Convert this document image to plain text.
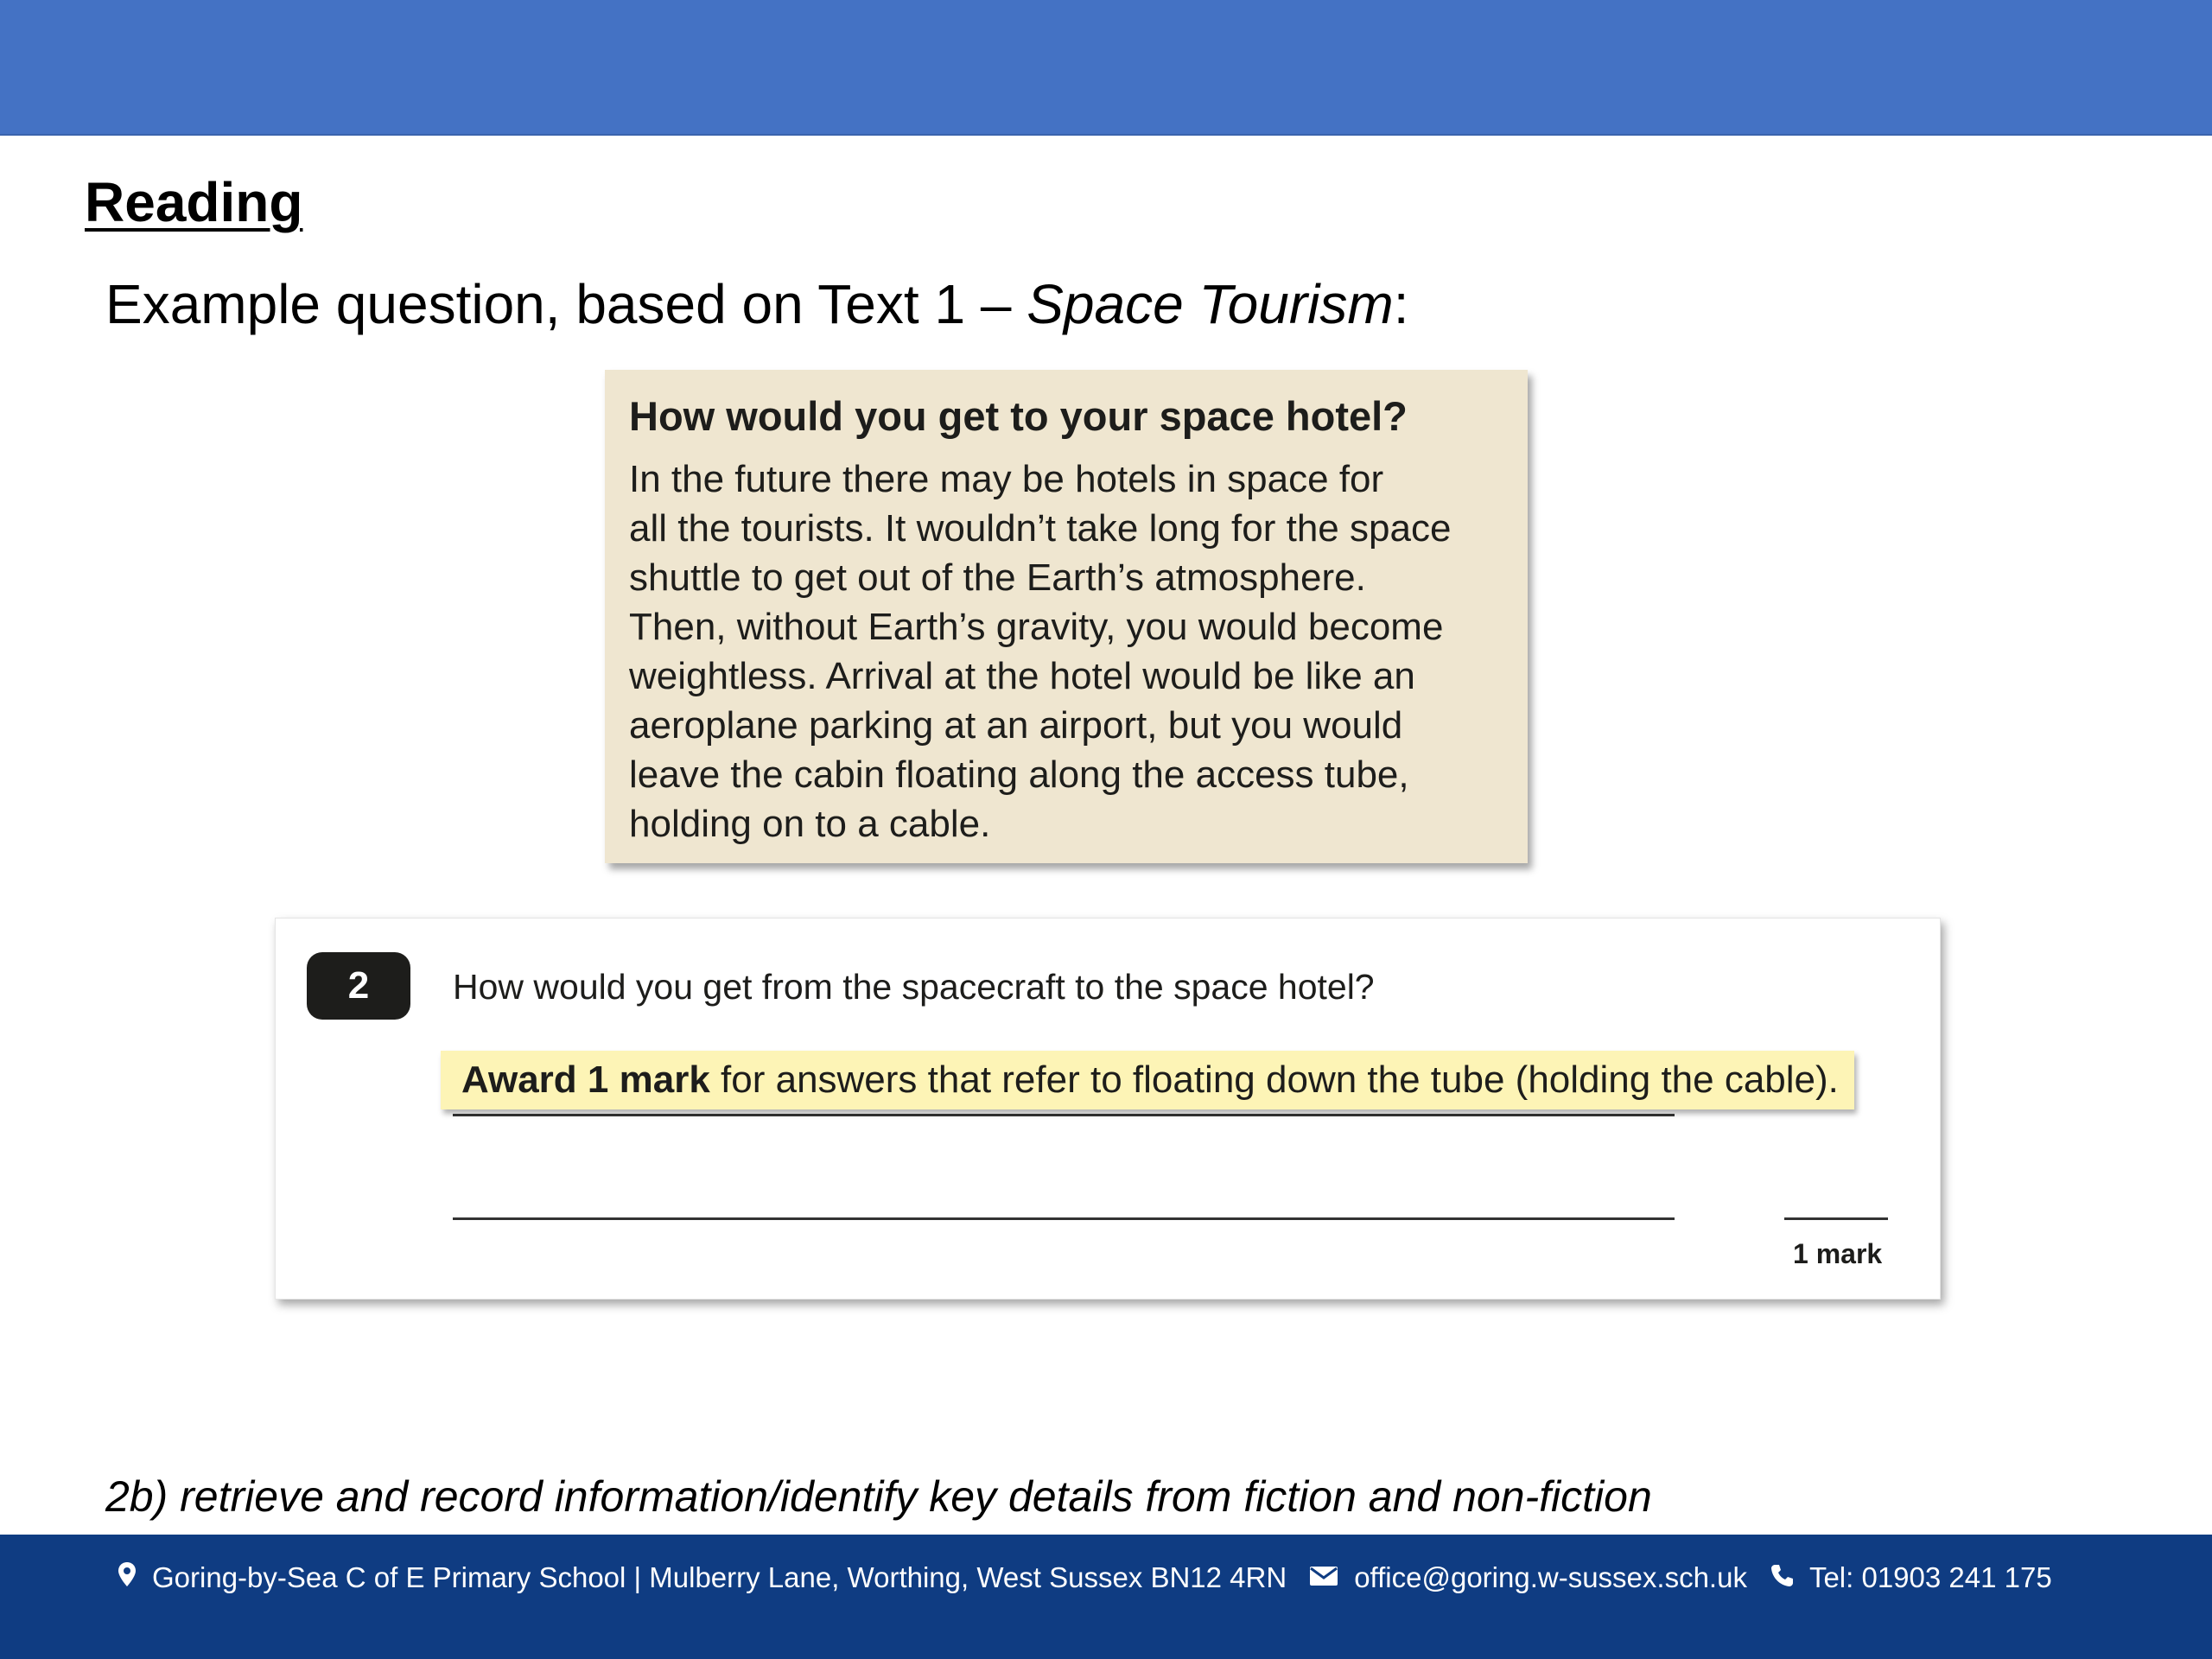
Reading
Example question, based on Text 1 – Space Tourism:
How would you get to your space hotel?
In the future there may be hotels in space for
all the tourists. It wouldn’t take long for the space
shuttle to get out of the Earth’s atmosphere.
Then, without Earth’s gravity, you would become
weightless. Arrival at the hotel would be like an
aeroplane parking at an airport, but you would
leave the cabin floating along the access tube,
holding on to a cable.
2	How would you get from the spacecraft to the space hotel?
1 mark
Award 1 mark for answers that refer to floating down the tube (holding the cable).
2b) retrieve and record information/identify key details from fiction and non-fiction
Goring-by-Sea C of E Primary School | Mulberry Lane, Worthing, West Sussex BN12 4RN office@goring.w-sussex.sch.uk Tel: 01903 241 175
